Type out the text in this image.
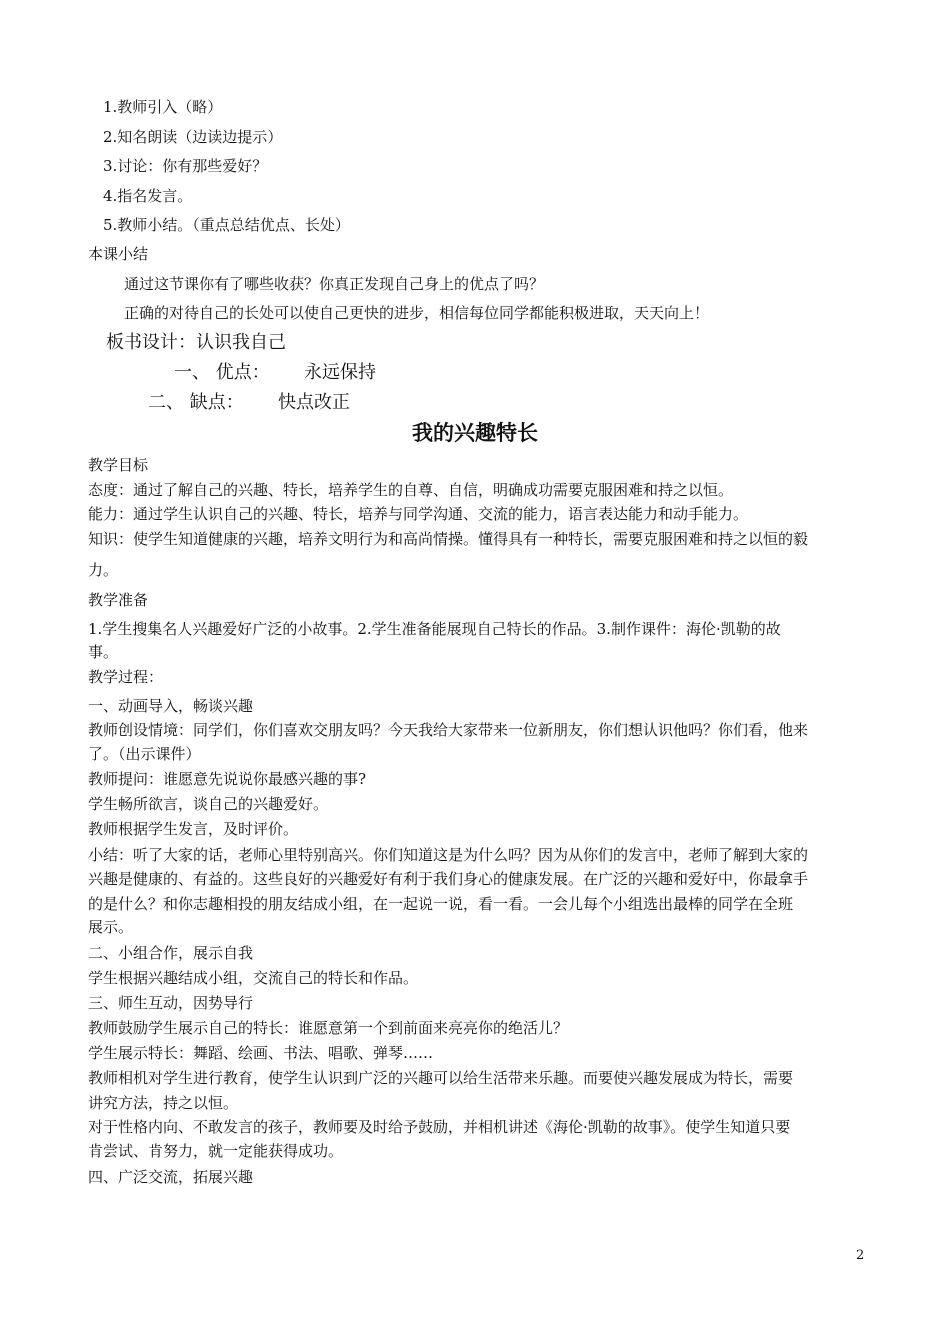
1.教师引入（略）

2.知名朗读（边读边提示）

3.讨论：你有那些爱好？

4.指名发言。

5.教师小结。（重点总结优点、长处）

本课小结

通过这节课你有了哪些收获？你真正发现自己身上的优点了吗？

正确的对待自己的长处可以使自己更快的进步，相信每位同学都能积极进取，天天向上！

板书设计：认识我自己

一、 优点：      永远保持

二、 缺点：      快点改正

我的兴趣特长

教学目标

态度：通过了解自己的兴趣、特长，培养学生的自尊、自信，明确成功需要克服困难和持之以恒。

能力：通过学生认识自己的兴趣、特长，培养与同学沟通、交流的能力，语言表达能力和动手能力。

知识：使学生知道健康的兴趣，培养文明行为和高尚情操。懂得具有一种特长，需要克服困难和持之以恒的毅

力。

教学准备

1.学生搜集名人兴趣爱好广泛的小故事。2.学生准备能展现自己特长的作品。3.制作课件：海伦·凯勒的故

事。

教学过程：

一、动画导入，畅谈兴趣

教师创设情境：同学们，你们喜欢交朋友吗？今天我给大家带来一位新朋友，你们想认识他吗？你们看，他来

了。（出示课件）

教师提问：谁愿意先说说你最感兴趣的事?

学生畅所欲言，谈自己的兴趣爱好。

教师根据学生发言，及时评价。

小结：听了大家的话，老师心里特别高兴。你们知道这是为什么吗？因为从你们的发言中，老师了解到大家的

兴趣是健康的、有益的。这些良好的兴趣爱好有利于我们身心的健康发展。在广泛的兴趣和爱好中，你最拿手

的是什么？和你志趣相投的朋友结成小组，在一起说一说，看一看。一会儿每个小组选出最棒的同学在全班

展示。

二、小组合作，展示自我

学生根据兴趣结成小组，交流自己的特长和作品。

三、师生互动，因势导行

教师鼓励学生展示自己的特长：谁愿意第一个到前面来亮亮你的绝活儿？

学生展示特长：舞蹈、绘画、书法、唱歌、弹琴……

教师相机对学生进行教育，使学生认识到广泛的兴趣可以给生活带来乐趣。而要使兴趣发展成为特长，需要

讲究方法，持之以恒。

对于性格内向、不敢发言的孩子，教师要及时给予鼓励，并相机讲述《海伦·凯勒的故事》。使学生知道只要

肯尝试、肯努力，就一定能获得成功。

四、广泛交流，拓展兴趣

2
